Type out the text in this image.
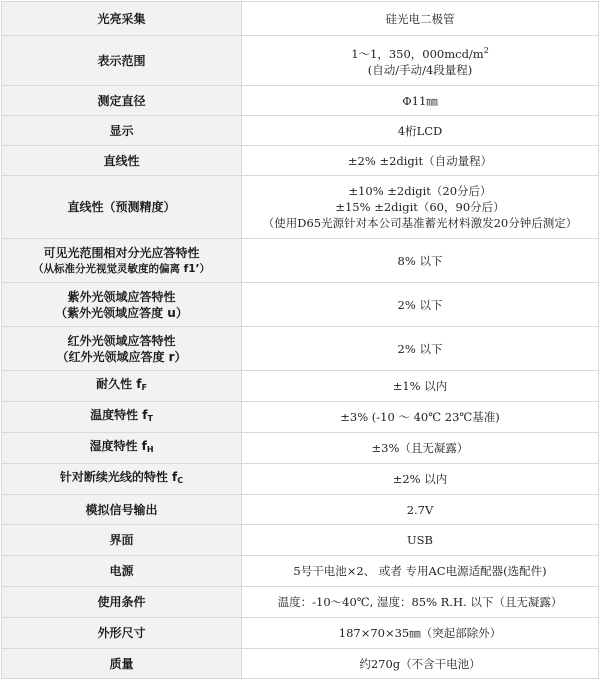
光亮采集	硅光电二极管
表示范围	1～1，350，$000mcd/m^2$
(自动/手动/4段量程)

测定直径	Φ11㎜
显示	4桁LCD
直线性	±2% ±2digit（自动量程）
直线性（预测精度）	±10% ±2digit（20分后）
±15% ±2digit（60，90分后）
（使用D65光源针对本公司基准蓄光材料激发20分钟后测定）

可见光范围相对分光应答特性
（从标准分光视觉灵敏度的偏离 f1’）	8% 以下

紫外光领域应答特性
（紫外光领域应答度 u）	2% 以下

红外光领域应答特性
（红外光领域应答度 r）	2% 以下
耐久性 $f_F$	±1% 以内
温度特性 $f_T$	±3% (-10 ～ 40℃ 23℃基准)
湿度特性 $f_H$	±3%（且无凝露）
针对断续光线的特性 $f_C$	±2% 以内
模拟信号输出	2.7V
界面	USB
电源	5号干电池×2、 或者 专用AC电源适配器(选配件)
使用条件	温度：-10～40℃, 湿度：85% R.H. 以下（且无凝露）
外形尺寸	187×70×35㎜（突起部除外）
质量	约270g（不含干电池）
